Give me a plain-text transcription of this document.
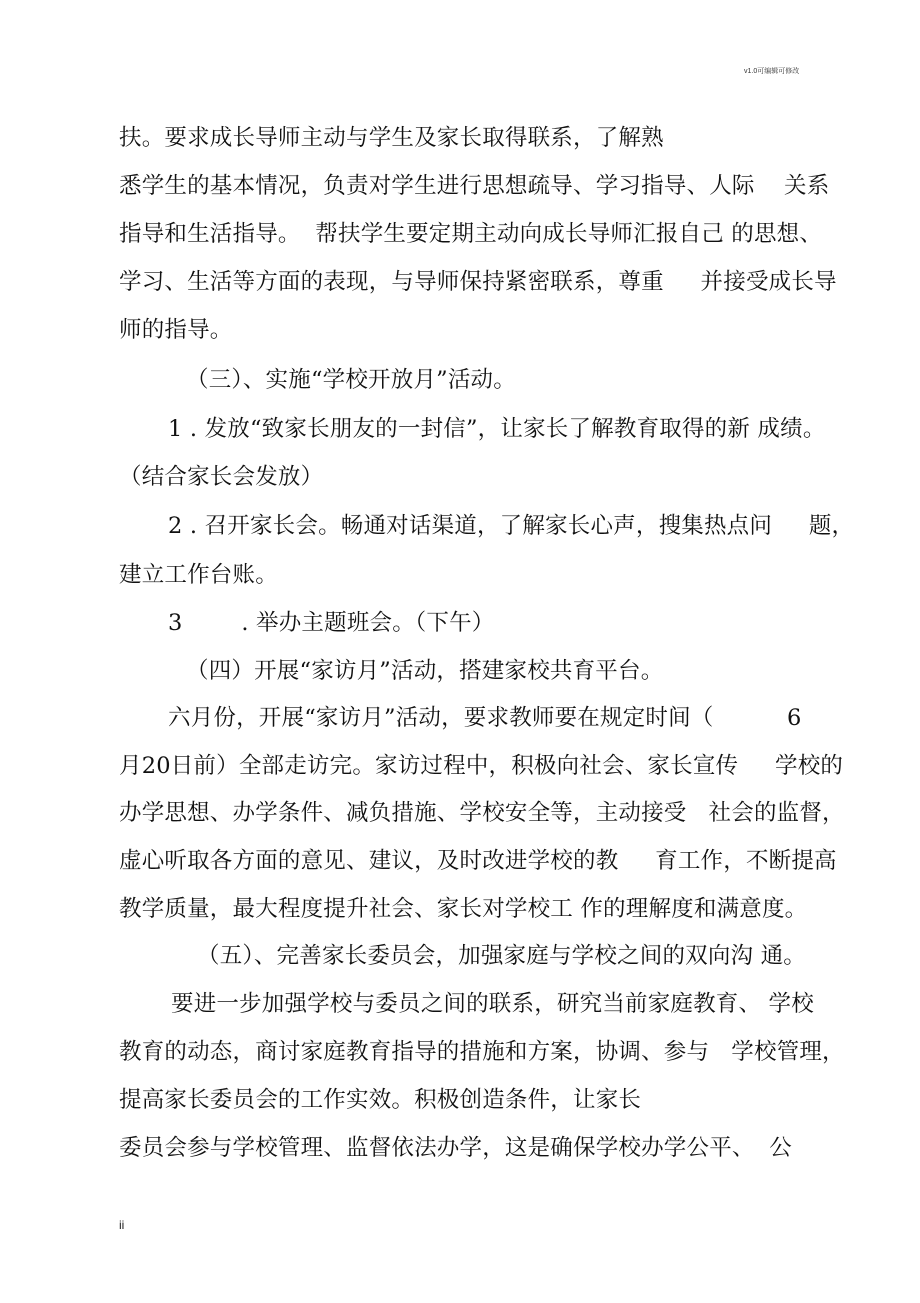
v1.0可编辑可修改
扶。要求成长导师主动与学生及家长取得联系，了解熟
悉学生的基本情况，负责对学生进行思想疏导、学习指导、人际    关系
指导和生活指导。  帮扶学生要定期主动向成长导师汇报自己 的思想、
学习、生活等方面的表现，与导师保持紧密联系，尊重     并接受成长导
师的指导。
（三）、实施“学校开放月”活动。
1 . 发放“致家长朋友的一封信”，让家长了解教育取得的新 成绩。
（结合家长会发放）
2 . 召开家长会。畅通对话渠道，了解家长心声，搜集热点问     题，
建立工作台账。
3        . 举办主题班会。（下午）
（四）开展“家访月”活动，搭建家校共育平台。
六月份，开展“家访月”活动，要求教师要在规定时间（          6
月20日前）全部走访完。家访过程中，积极向社会、家长宣传     学校的
办学思想、办学条件、减负措施、学校安全等，主动接受   社会的监督，
虚心听取各方面的意见、建议，及时改进学校的教     育工作，不断提高
教学质量，最大程度提升社会、家长对学校工 作的理解度和满意度。
（五）、完善家长委员会，加强家庭与学校之间的双向沟 通。
要进一步加强学校与委员之间的联系，研究当前家庭教育、 学校
教育的动态，商讨家庭教育指导的措施和方案，协调、参与   学校管理，
提高家长委员会的工作实效。积极创造条件，让家长
委员会参与学校管理、监督依法办学，这是确保学校办学公平、  公
ii
